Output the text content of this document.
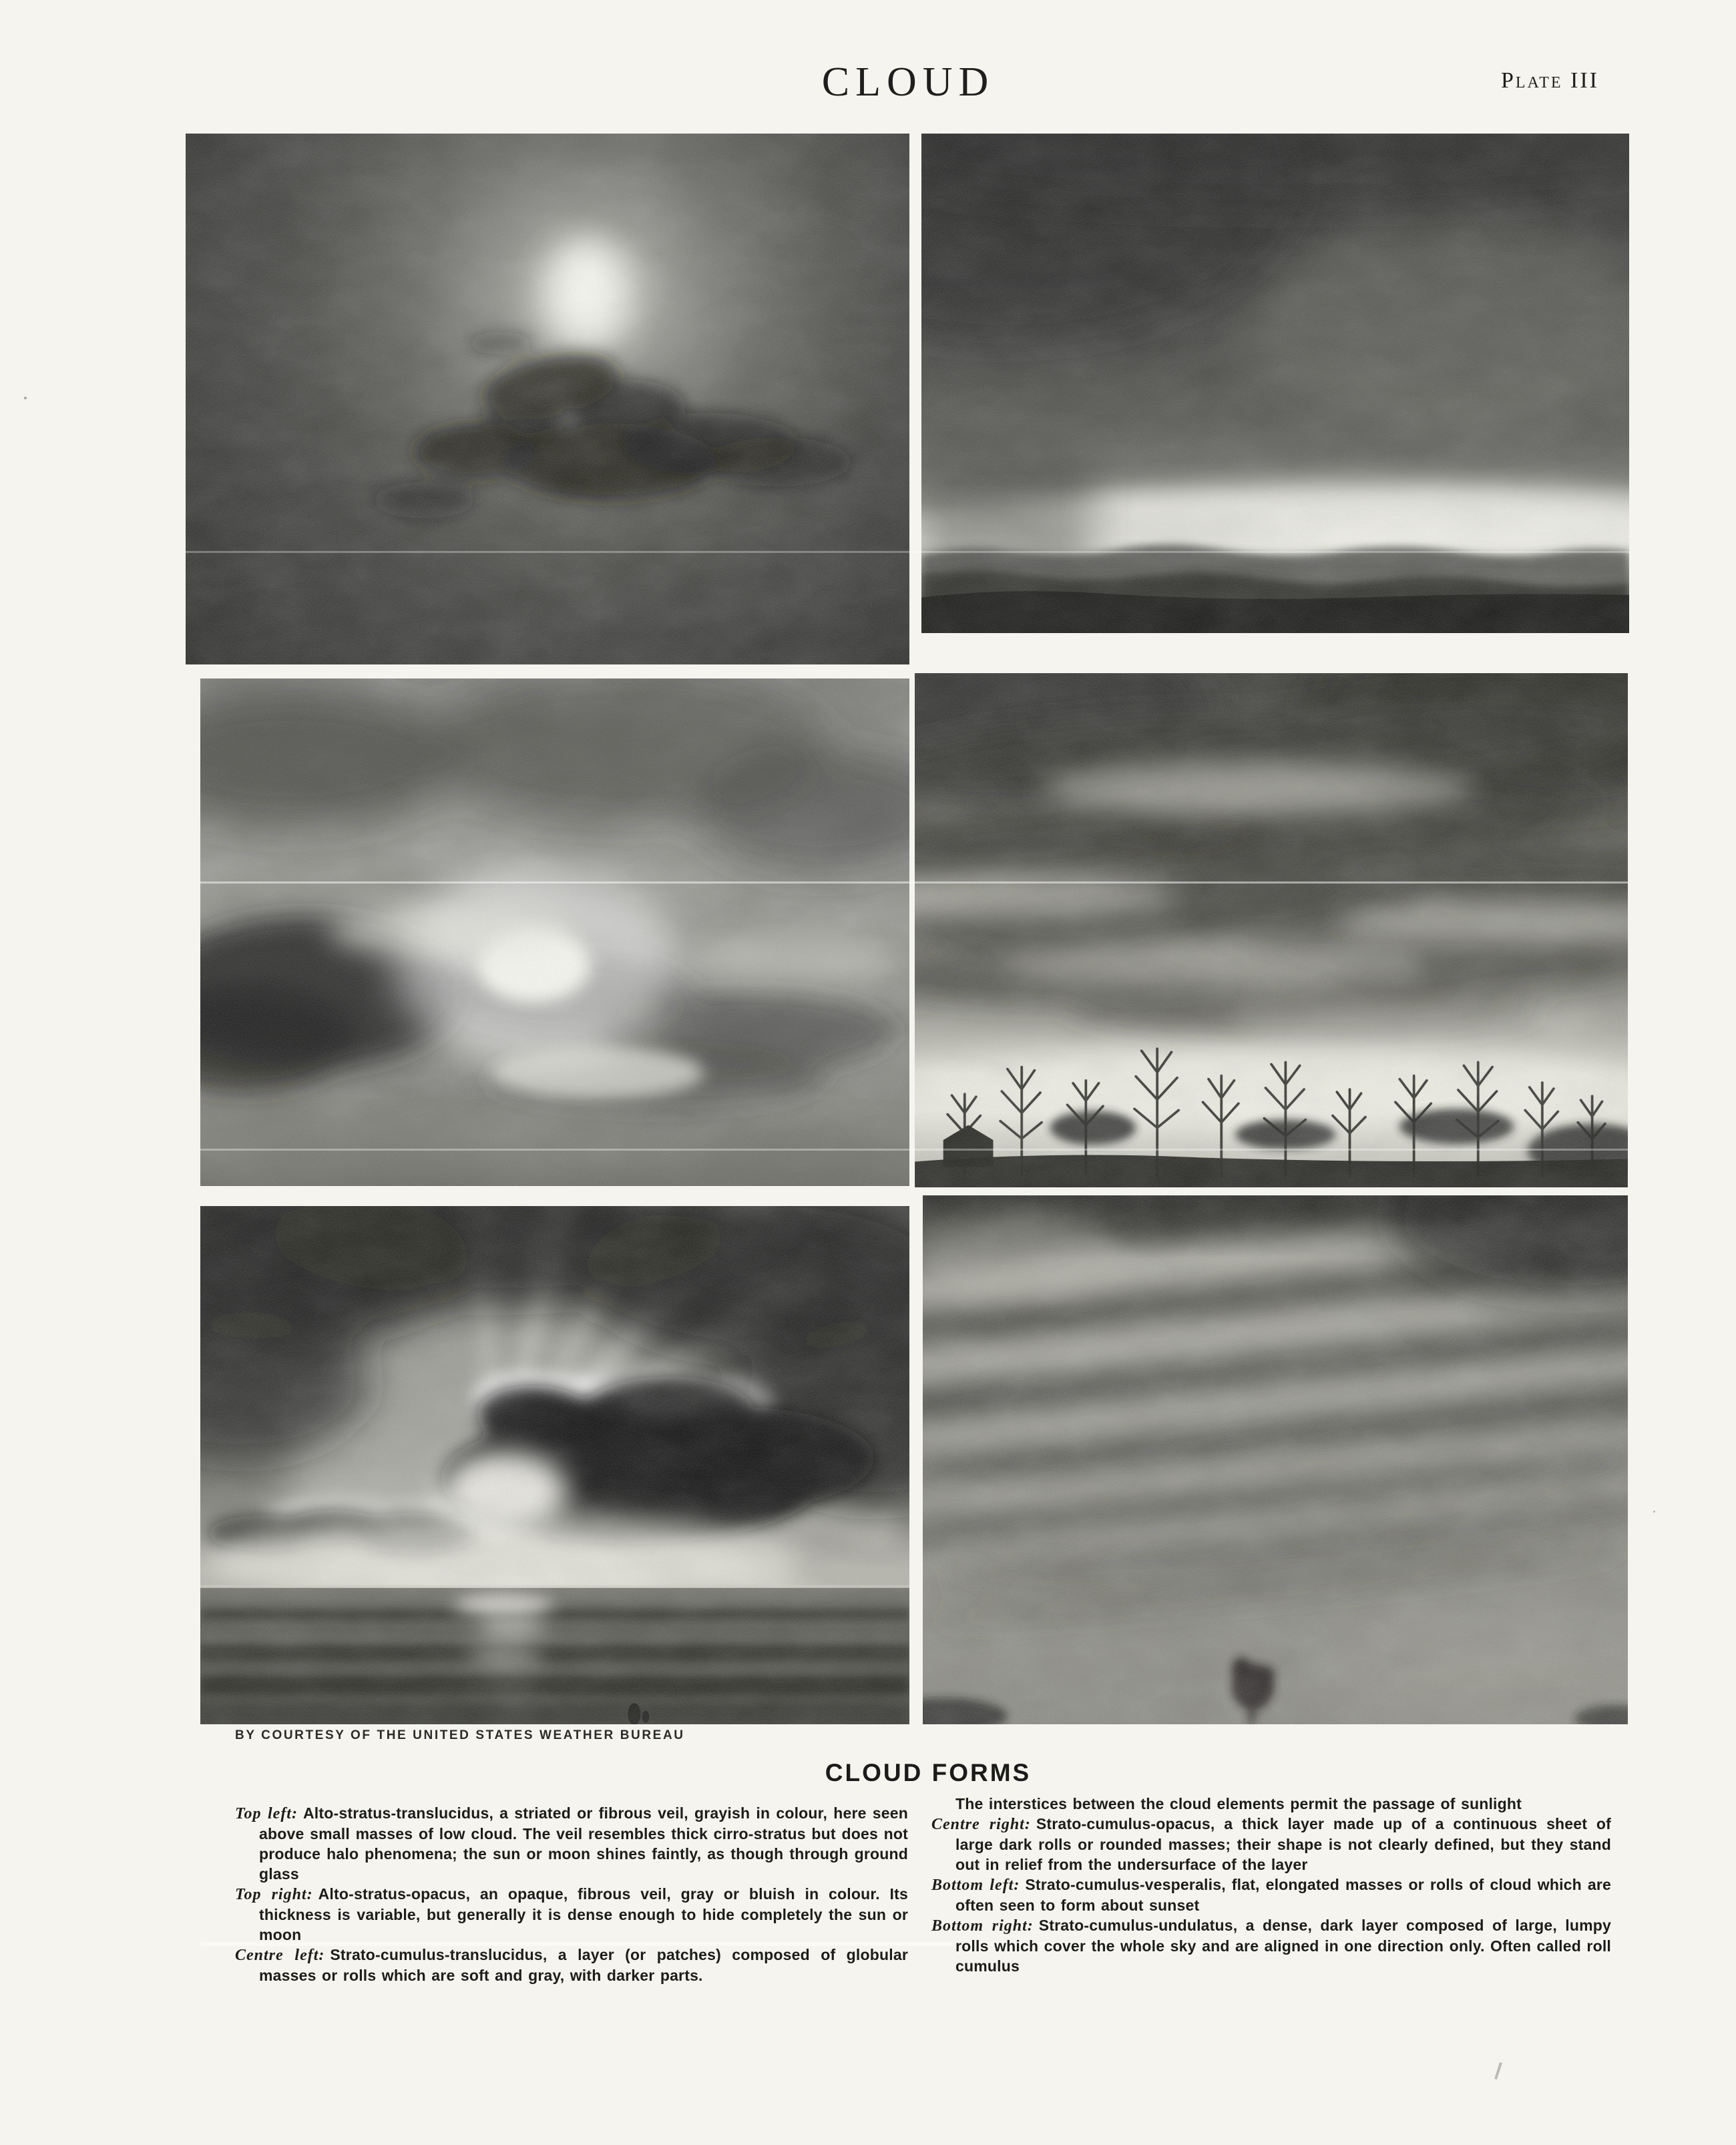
CLOUD	Plate III
BY COURTESY OF THE UNITED STATES WEATHER BUREAU
CLOUD FORMS

Top left: Alto-stratus-translucidus, a striated or fibrous veil, grayish in colour, here seen above small masses of low cloud. The veil resembles thick cirro-stratus but does not produce halo phenomena; the sun or moon shines faintly, as though through ground glass

Top right: Alto-stratus-opacus, an opaque, fibrous veil, gray or bluish in colour. Its thickness is variable, but generally it is dense enough to hide completely the sun or moon

Centre left: Strato-cumulus-translucidus, a layer (or patches) composed of globular masses or rolls which are soft and gray, with darker parts.

The interstices between the cloud elements permit the passage of sunlight

Centre right: Strato-cumulus-opacus, a thick layer made up of a continuous sheet of large dark rolls or rounded masses; their shape is not clearly defined, but they stand out in relief from the undersurface of the layer

Bottom left: Strato-cumulus-vesperalis, flat, elongated masses or rolls of cloud which are often seen to form about sunset

Bottom right: Strato-cumulus-undulatus, a dense, dark layer composed of large, lumpy rolls which cover the whole sky and are aligned in one direction only. Often called roll cumulus
